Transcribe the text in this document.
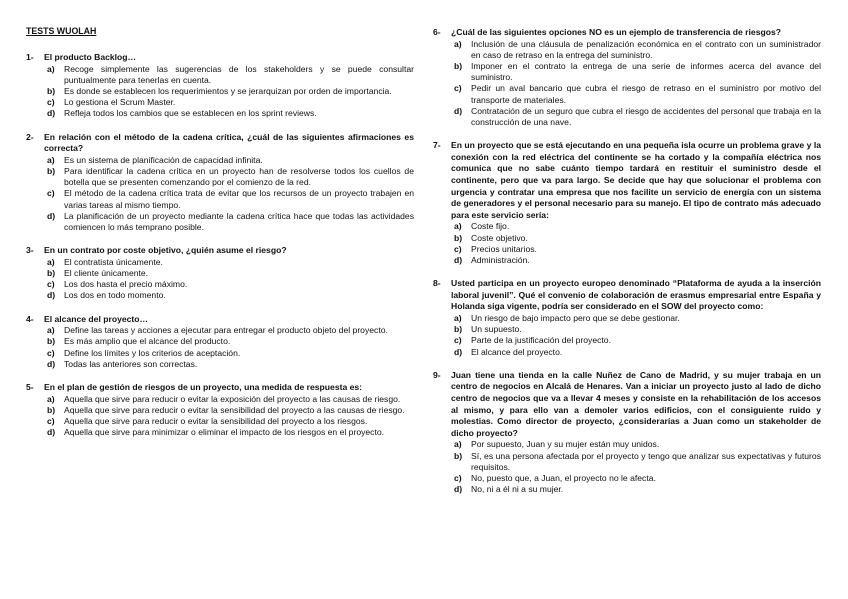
TESTS WUOLAH
1-	El producto Backlog…
a)	Recoge simplemente las sugerencias de los stakeholders y se puede consultar puntualmente para tenerlas en cuenta.
b)	Es donde se establecen los requerimientos y se jerarquizan por orden de importancia.
c)	Lo gestiona el Scrum Master.
d)	Refleja todos los cambios que se establecen en los sprint reviews.
2-	En relación con el método de la cadena crítica, ¿cuál de las siguientes afirmaciones es correcta?
a)	Es un sistema de planificación de capacidad infinita.
b)	Para identificar la cadena crítica en un proyecto han de resolverse todos los cuellos de botella que se presenten comenzando por el comienzo de la red.
c)	El método de la cadena crítica trata de evitar que los recursos de un proyecto trabajen en varias tareas al mismo tiempo.
d)	La planificación de un proyecto mediante la cadena crítica hace que todas las actividades comiencen lo más temprano posible.
3-	En un contrato por coste objetivo, ¿quién asume el riesgo?
a)	El contratista únicamente.
b)	El cliente únicamente.
c)	Los dos hasta el precio máximo.
d)	Los dos en todo momento.
4-	El alcance del proyecto…
a)	Define las tareas y acciones a ejecutar para entregar el producto objeto del proyecto.
b)	Es más amplio que el alcance del producto.
c)	Define los límites y los criterios de aceptación.
d)	Todas las anteriores son correctas.
5-	En el plan de gestión de riesgos de un proyecto, una medida de respuesta es:
a)	Aquella que sirve para reducir o evitar la exposición del proyecto a las causas de riesgo.
b)	Aquella que sirve para reducir o evitar la sensibilidad del proyecto a las causas de riesgo.
c)	Aquella que sirve para reducir o evitar la sensibilidad del proyecto a los riesgos.
d)	Aquella que sirve para minimizar o eliminar el impacto de los riesgos en el proyecto.
6-	¿Cuál de las siguientes opciones NO es un ejemplo de transferencia de riesgos?
a)	Inclusión de una cláusula de penalización económica en el contrato con un suministrador en caso de retraso en la entrega del suministro.
b)	Imponer en el contrato la entrega de una serie de informes acerca del avance del suministro.
c)	Pedir un aval bancario que cubra el riesgo de retraso en el suministro por motivo del transporte de materiales.
d)	Contratación de un seguro que cubra el riesgo de accidentes del personal que trabaja en la construcción de una nave.
7-	En un proyecto que se está ejecutando en una pequeña isla ocurre un problema grave y la conexión con la red eléctrica del continente se ha cortado y la compañía eléctrica nos comunica que no sabe cuánto tiempo tardará en restituir el suministro desde el continente, pero que va para largo. Se decide que hay que solucionar el problema con urgencia y contratar una empresa que nos facilite un servicio de energía con un sistema de generadores y el personal necesario para su manejo. El tipo de contrato más adecuado para este servicio sería:
a)	Coste fijo.
b)	Coste objetivo.
c)	Precios unitarios.
d)	Administración.
8-	Usted participa en un proyecto europeo denominado “Plataforma de ayuda a la inserción laboral juvenil”. Qué el convenio de colaboración de erasmus empresarial entre España y Holanda siga vigente, podría ser considerado en el SOW del proyecto como:
a)	Un riesgo de bajo impacto pero que se debe gestionar.
b)	Un supuesto.
c)	Parte de la justificación del proyecto.
d)	El alcance del proyecto.
9-	Juan tiene una tienda en la calle Nuñez de Cano de Madrid, y su mujer trabaja en un centro de negocios en Alcalá de Henares. Van a iniciar un proyecto justo al lado de dicho centro de negocios que va a llevar 4 meses y consiste en la rehabilitación de los accesos al mismo, y para ello van a demoler varios edificios, con el consiguiente ruido y molestias. Como director de proyecto, ¿considerarías a Juan como un stakeholder de dicho proyecto?
a)	Por supuesto, Juan y su mujer están muy unidos.
b)	Sí, es una persona afectada por el proyecto y tengo que analizar sus expectativas y futuros requisitos.
c)	No, puesto que, a Juan, el proyecto no le afecta.
d)	No, ni a él ni a su mujer.
